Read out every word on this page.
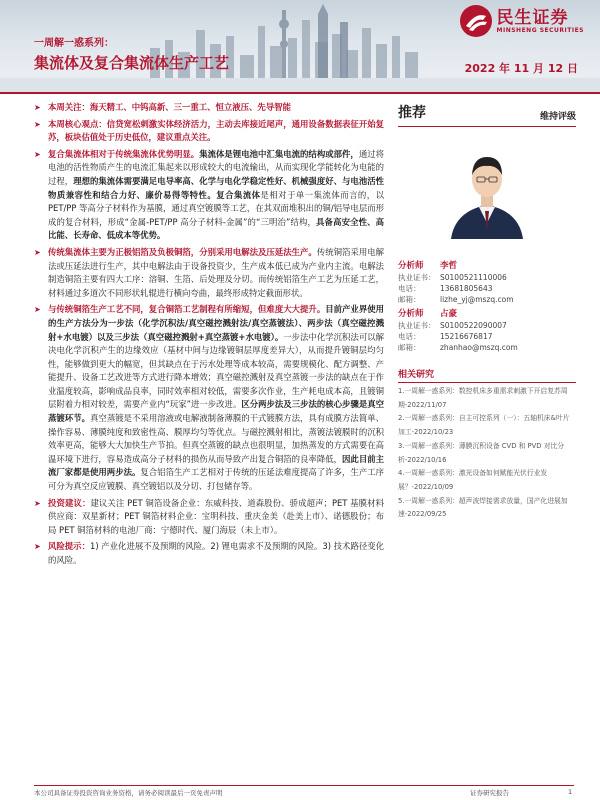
一周解一惑系列：
集流体及复合集流体生产工艺	2022 年 11 月 12 日
民生证券
MINSHENG SECURITIES
➤ 本周关注：海天精工、中钨高新、三一重工、恒立液压、先导智能
➤ 本周核心观点：信贷宽松刺激实体经济活力，主动去库接近尾声，通用设备数据表征开始复苏，板块估值处于历史低位，建议重点关注。
➤ 复合集流体相对于传统集流体优势明显。集流体是锂电池中汇集电流的结构或部件，通过将电池的活性物质产生的电流汇集起来以形成较大的电流输出，从而实现化学能转化为电能的过程，理想的集流体需要满足电导率高、化学与电化学稳定性好、机械强度好、与电池活性物质兼容性和结合力好、廉价易得等特性。复合集流体是相对于单一集流体而言的，以 PET/PP 等高分子材料作为基膜，通过真空镀膜等工艺，在其双面堆积出的铜/铝导电层而形成的复合材料，形成“金属-PET/PP 高分子材料-金属”的“三明治”结构，具备高安全性、高比能、长寿命、低成本等优势。
➤ 传统集流体主要为正极铝箔及负极铜箔，分别采用电解法及压延法生产。传统铜箔采用电解法或压延法进行生产，其中电解法由于设备投资少，生产成本低已成为产业内主流。电解法制造铜箔主要有四大工序：溶铜、生箔、后处理及分切。而传统铝箔生产工艺为压延工艺，材料通过多道次不同形状轧辊进行横向夸曲，最终形成特定截面形状。
➤ 与传统铜箔生产工艺不同，复合铜箔工艺制程有所缩短，但难度大大提升。目前产业界使用的生产方法分为一步法（化学沉积法/真空磁控溅射法/真空蒸镀法）、两步法（真空磁控溅射+水电镀）以及三步法（真空磁控溅射+真空蒸镀+水电镀）。一步法中化学沉积法可以解决电化学沉积产生的边缘效应（基材中间与边缘镀铜层厚度差异大），从而提升镀铜层均匀性，能够做到更大的幅宽，但其缺点在于污水处理等成本较高，需要规模化、配方调整、产能提升、设备工艺改进等方式进行降本增效；真空磁控溅射及真空蒸镀一步法的缺点在于作业温度较高，影响成品良率，同时效率相对较低，需要多次作业，生产耗电成本高，且镀铜层附着力相对较差，需要产业内“玩家”进一步改进。区分两步法及三步法的核心步骤是真空蒸镀环节。真空蒸镀是不采用溶液或电解液制备薄膜的干式镀膜方法，具有成膜方法简单、操作容易、薄膜纯度和致密性高、膜厚均匀等优点。与磁控溅射相比，蒸镀法镀膜时的沉积效率更高，能够大大加快生产节拍。但真空蒸镀的缺点也很明显，加热蒸发的方式需要在高温环境下进行，容易造成高分子材料的损伤从而导致产出复合铜箔的良率降低，因此目前主流厂家都是使用两步法。复合铝箔生产工艺相对于传统的压延法难度提高了许多，生产工序可分为真空反应镀膜、真空镀铝以及分切、打包储存等。
➤ 投资建议：建议关注 PET 铜箔设备企业：东威科技、道森股份、骄成超声；PET 基膜材料供应商：双星新材；PET 铜箔材料企业：宝明科技、重庆金美（赴美上市）、诺德股份；布局 PET 铜箔材料的电池厂商：宁德时代、厦门海辰（未上市）。
➤ 风险提示：1) 产业化进展不及预期的风险。2) 锂电需求不及预期的风险。3) 技术路径变化的风险。
推荐	维持评级
分析师	李哲
执业证书： S0100521110006
电话：	13681805643
邮箱：	lizhe_yj@mszq.com
分析师	占豪
执业证书： S0100522090007
电话：	15216676817
邮箱：	zhanhao@mszq.com
相关研究
1.一周解一惑系列：数控机床多重需求刺激下开启复苏周期-2022/11/07
2.一周解一惑系列：自主可控系列（一）：五轴机床&叶片加工-2022/10/23
3.一周解一惑系列：薄膜沉积设备 CVD 和 PVD 对比分析-2022/10/16
4.一周解一惑系列：激光设备如何赋能光伏行业发展？-2022/10/09
5.一周解一惑系列：超声波焊接需求放量，国产化进展加速-2022/09/25
本公司具备证券投资咨询业务资格，请务必阅读最后一页免责声明	证券研究报告	1
